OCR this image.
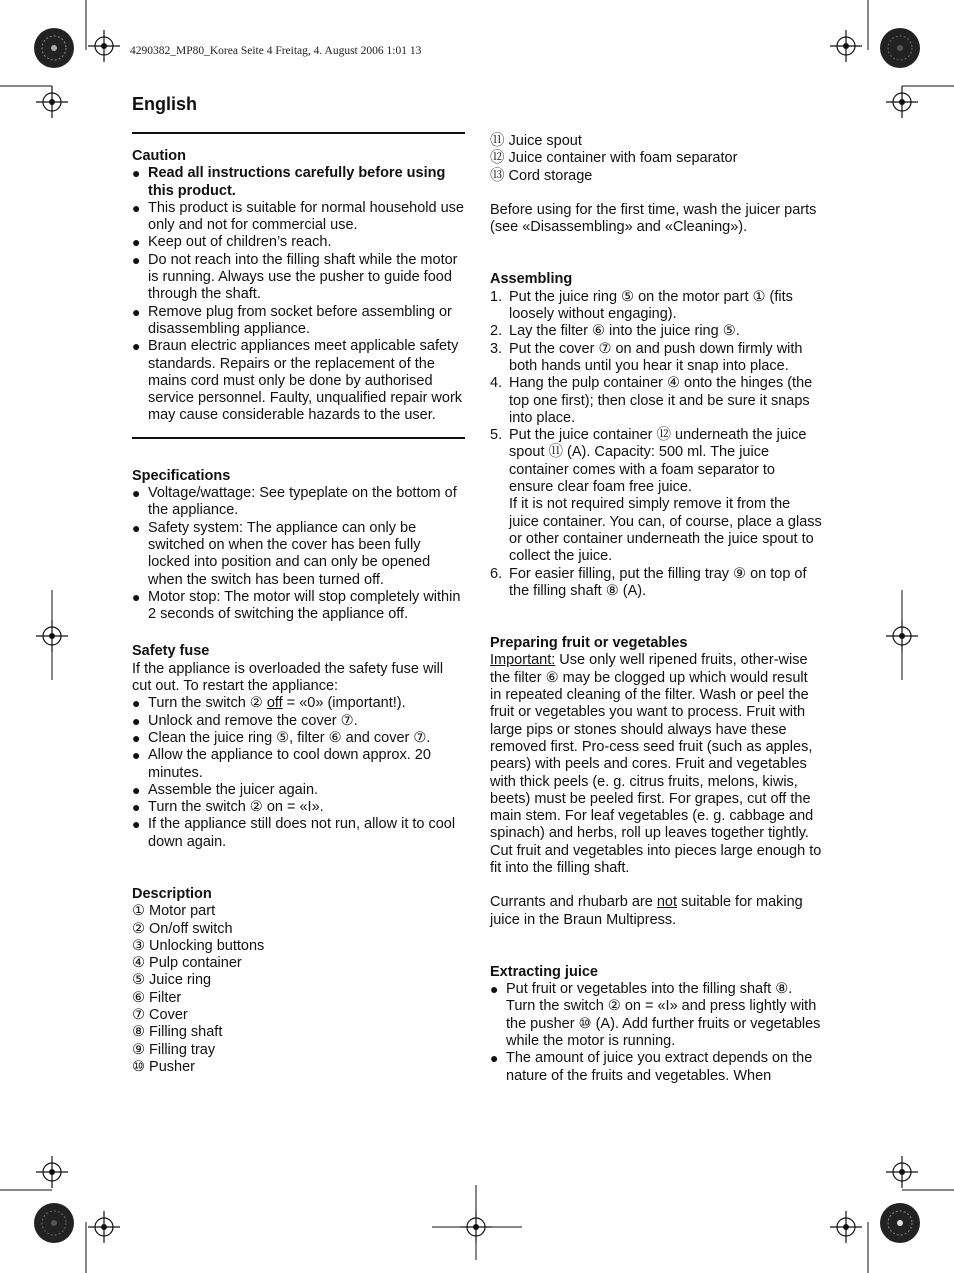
4290382_MP80_Korea Seite 4 Freitag, 4. August 2006 1:01 13
English
Caution
● Read all instructions carefully before using this product.
● This product is suitable for normal household use only and not for commercial use.
● Keep out of children’s reach.
● Do not reach into the filling shaft while the motor is running. Always use the pusher to guide food through the shaft.
● Remove plug from socket before assembling or disassembling appliance.
● Braun electric appliances meet applicable safety standards. Repairs or the replacement of the mains cord must only be done by authorised service personnel. Faulty, unqualified repair work may cause considerable hazards to the user.
Specifications
● Voltage/wattage: See typeplate on the bottom of the appliance.
● Safety system: The appliance can only be switched on when the cover has been fully locked into position and can only be opened when the switch has been turned off.
● Motor stop: The motor will stop completely within 2 seconds of switching the appliance off.
Safety fuse

If the appliance is overloaded the safety fuse will cut out. To restart the appliance:

● Turn the switch ② off = «0» (important!).
● Unlock and remove the cover ⑦.
● Clean the juice ring ⑤, filter ⑥ and cover ⑦.
● Allow the appliance to cool down approx. 20 minutes.
● Assemble the juicer again.
● Turn the switch ② on = «I».
● If the appliance still does not run, allow it to cool down again.
Description
① Motor part
② On/off switch
③ Unlocking buttons
④ Pulp container
⑤ Juice ring
⑥ Filter
⑦ Cover
⑧ Filling shaft
⑨ Filling tray
⑩ Pusher
⑪ Juice spout
⑫ Juice container with foam separator
⑬ Cord storage

Before using for the first time, wash the juicer parts (see «Disassembling» and «Cleaning»).

Assembling
1. Put the juice ring ⑤ on the motor part ① (fits loosely without engaging).
2. Lay the filter ⑥ into the juice ring ⑤.
3. Put the cover ⑦ on and push down firmly with both hands until you hear it snap into place.
4. Hang the pulp container ④ onto the hinges (the top one first); then close it and be sure it snaps into place.
5. Put the juice container ⑫ underneath the juice spout ⑪ (A). Capacity: 500 ml. The juice container comes with a foam separator to ensure clear foam free juice.
If it is not required simply remove it from the juice container. You can, of course, place a glass or other container underneath the juice spout to collect the juice.
6. For easier filling, put the filling tray ⑨ on top of the filling shaft ⑧ (A).
Preparing fruit or vegetables

Important: Use only well ripened fruits, other-wise the filter ⑥ may be clogged up which would result in repeated cleaning of the filter. Wash or peel the fruit or vegetables you want to process. Fruit with large pips or stones should always have these removed first. Pro-cess seed fruit (such as apples, pears) with peels and cores. Fruit and vegetables with thick peels (e. g. citrus fruits, melons, kiwis, beets) must be peeled first. For grapes, cut off the main stem. For leaf vegetables (e. g. cabbage and spinach) and herbs, roll up leaves together tightly. Cut fruit and vegetables into pieces large enough to fit into the filling shaft.

Currants and rhubarb are not suitable for making juice in the Braun Multipress.

Extracting juice
● Put fruit or vegetables into the filling shaft ⑧. Turn the switch ② on = «I» and press lightly with the pusher ⑩ (A). Add further fruits or vegetables while the motor is running.
● The amount of juice you extract depends on the nature of the fruits and vegetables. When
